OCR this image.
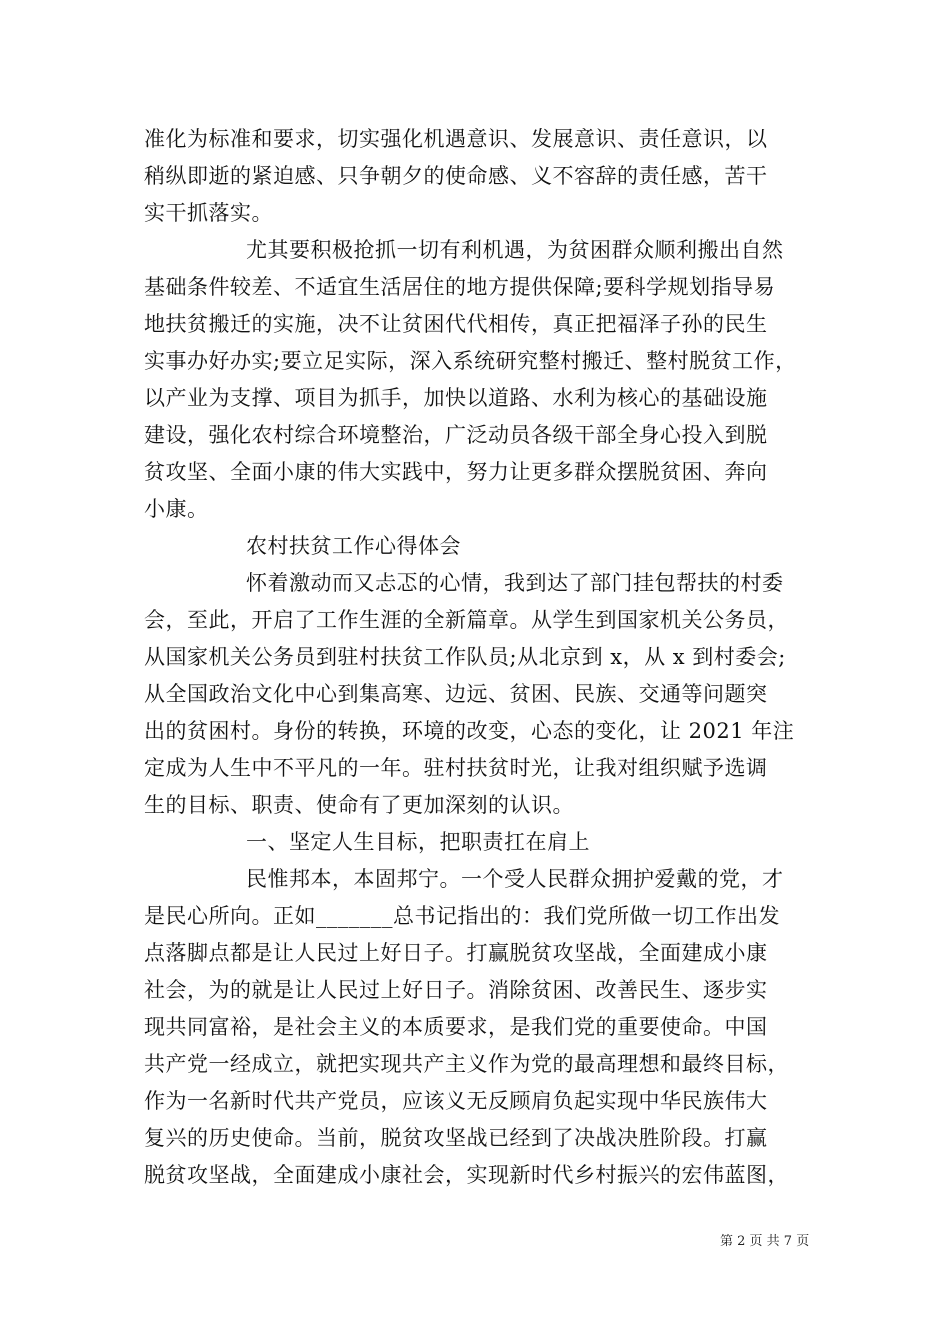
准化为标准和要求，切实强化机遇意识、发展意识、责任意识，以
稍纵即逝的紧迫感、只争朝夕的使命感、义不容辞的责任感，苦干
实干抓落实。
尤其要积极抢抓一切有利机遇，为贫困群众顺利搬出自然
基础条件较差、不适宜生活居住的地方提供保障;要科学规划指导易
地扶贫搬迁的实施，决不让贫困代代相传，真正把福泽子孙的民生
实事办好办实;要立足实际，深入系统研究整村搬迁、整村脱贫工作，
以产业为支撑、项目为抓手，加快以道路、水利为核心的基础设施
建设，强化农村综合环境整治，广泛动员各级干部全身心投入到脱
贫攻坚、全面小康的伟大实践中，努力让更多群众摆脱贫困、奔向
小康。
农村扶贫工作心得体会
怀着激动而又忐忑的心情，我到达了部门挂包帮扶的村委
会，至此，开启了工作生涯的全新篇章。从学生到国家机关公务员，
从国家机关公务员到驻村扶贫工作队员;从北京到 x，从 x 到村委会;
从全国政治文化中心到集高寒、边远、贫困、民族、交通等问题突
出的贫困村。身份的转换，环境的改变，心态的变化，让 2021 年注
定成为人生中不平凡的一年。驻村扶贫时光，让我对组织赋予选调
生的目标、职责、使命有了更加深刻的认识。
一、坚定人生目标，把职责扛在肩上
民惟邦本，本固邦宁。一个受人民群众拥护爱戴的党，才
是民心所向。正如_______总书记指出的：我们党所做一切工作出发
点落脚点都是让人民过上好日子。打赢脱贫攻坚战，全面建成小康
社会，为的就是让人民过上好日子。消除贫困、改善民生、逐步实
现共同富裕，是社会主义的本质要求，是我们党的重要使命。中国
共产党一经成立，就把实现共产主义作为党的最高理想和最终目标，
作为一名新时代共产党员，应该义无反顾肩负起实现中华民族伟大
复兴的历史使命。当前，脱贫攻坚战已经到了决战决胜阶段。打赢
脱贫攻坚战，全面建成小康社会，实现新时代乡村振兴的宏伟蓝图，
第 2 页 共 7 页
